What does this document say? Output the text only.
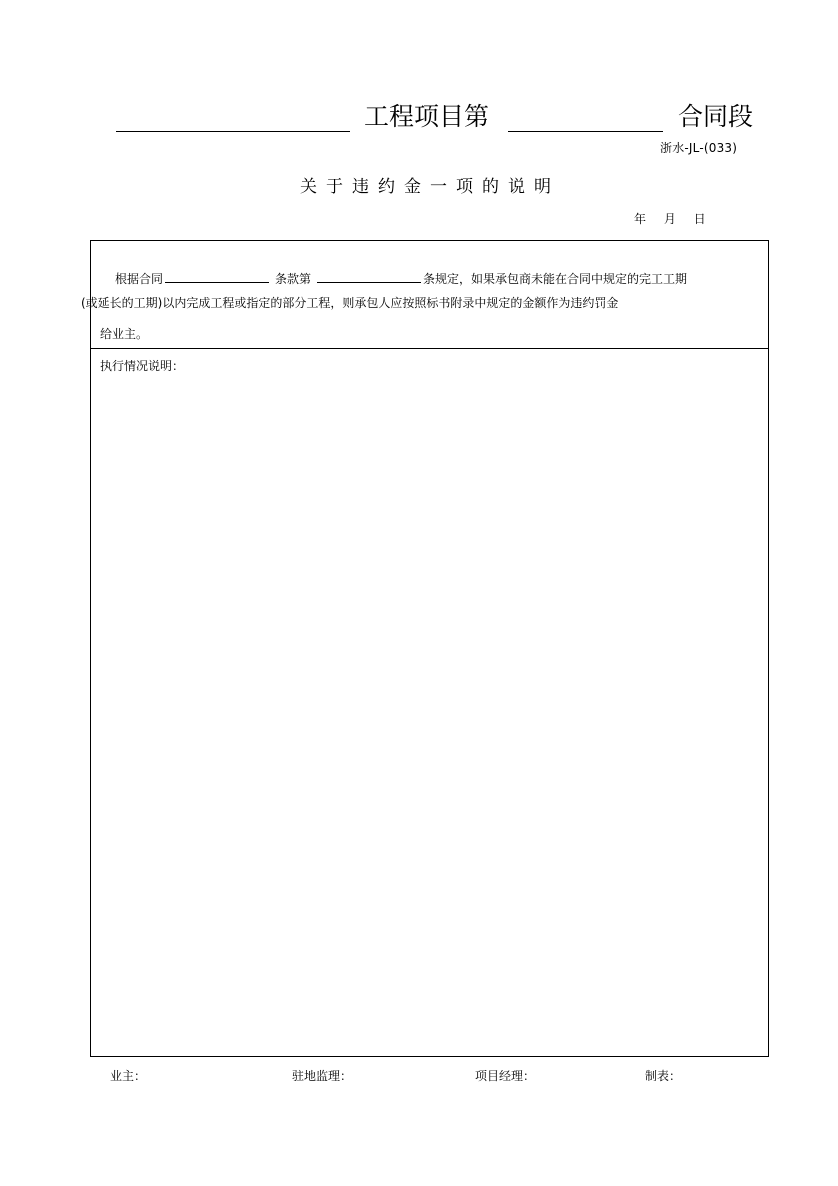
工程项目第	合同段
浙水-JL-(033)
关于违约金一项的说明
年 月 日
根据合同	条款第	条规定，如果承包商未能在合同中规定的完工工期
(或延长的工期)以内完成工程或指定的部分工程，则承包人应按照标书附录中规定的金额作为违约罚金
给业主。
执行情况说明：
业主：	驻地监理：	项目经理：	制表：
